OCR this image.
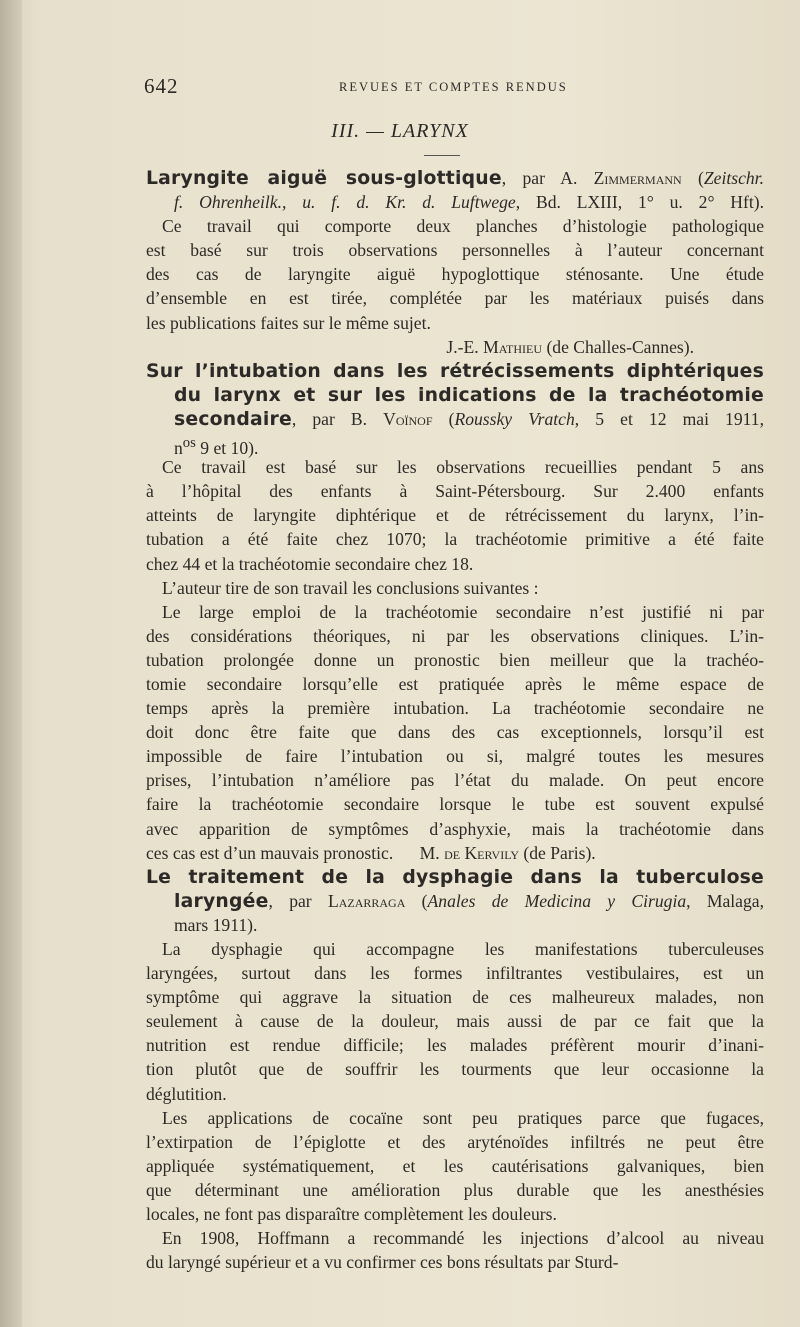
642	REVUES ET COMPTES RENDUS
III. — LARYNX
Laryngite aiguë sous-glottique, par A. Zimmermann (Zeitschr.
f. Ohrenheilk., u. f. d. Kr. d. Luftwege, Bd. LXIII, 1° u. 2° Hft).
Ce travail qui comporte deux planches d’histologie pathologique
est basé sur trois observations personnelles à l’auteur concernant
des cas de laryngite aiguë hypoglottique sténosante. Une étude
d’ensemble en est tirée, complétée par les matériaux puisés dans
les publications faites sur le même sujet.
J.-E. Mathieu (de Challes-Cannes).
Sur l’intubation dans les rétrécissements diphtériques
du larynx et sur les indications de la trachéotomie
secondaire, par B. Voïnof (Roussky Vratch, 5 et 12 mai 1911,
$n^{os}$ 9 et 10).
Ce travail est basé sur les observations recueillies pendant 5 ans
à l’hôpital des enfants à Saint-Pétersbourg. Sur 2.400 enfants
atteints de laryngite diphtérique et de rétrécissement du larynx, l’in-
tubation a été faite chez 1070; la trachéotomie primitive a été faite
chez 44 et la trachéotomie secondaire chez 18.
L’auteur tire de son travail les conclusions suivantes :
Le large emploi de la trachéotomie secondaire n’est justifié ni par
des considérations théoriques, ni par les observations cliniques. L’in-
tubation prolongée donne un pronostic bien meilleur que la trachéo-
tomie secondaire lorsqu’elle est pratiquée après le même espace de
temps après la première intubation. La trachéotomie secondaire ne
doit donc être faite que dans des cas exceptionnels, lorsqu’il est
impossible de faire l’intubation ou si, malgré toutes les mesures
prises, l’intubation n’améliore pas l’état du malade. On peut encore
faire la trachéotomie secondaire lorsque le tube est souvent expulsé
avec apparition de symptômes d’asphyxie, mais la trachéotomie dans
ces cas est d’un mauvais pronostic.      M. de Kervily (de Paris).
Le traitement de la dysphagie dans la tuberculose
laryngée, par Lazarraga (Anales de Medicina y Cirugia, Malaga,
mars 1911).
La dysphagie qui accompagne les manifestations tuberculeuses
laryngées, surtout dans les formes infiltrantes vestibulaires, est un
symptôme qui aggrave la situation de ces malheureux malades, non
seulement à cause de la douleur, mais aussi de par ce fait que la
nutrition est rendue difficile; les malades préfèrent mourir d’inani-
tion plutôt que de souffrir les tourments que leur occasionne la
déglutition.
Les applications de cocaïne sont peu pratiques parce que fugaces,
l’extirpation de l’épiglotte et des aryténoïdes infiltrés ne peut être
appliquée systématiquement, et les cautérisations galvaniques, bien
que déterminant une amélioration plus durable que les anesthésies
locales, ne font pas disparaître complètement les douleurs.
En 1908, Hoffmann a recommandé les injections d’alcool au niveau
du laryngé supérieur et a vu confirmer ces bons résultats par Sturd-
